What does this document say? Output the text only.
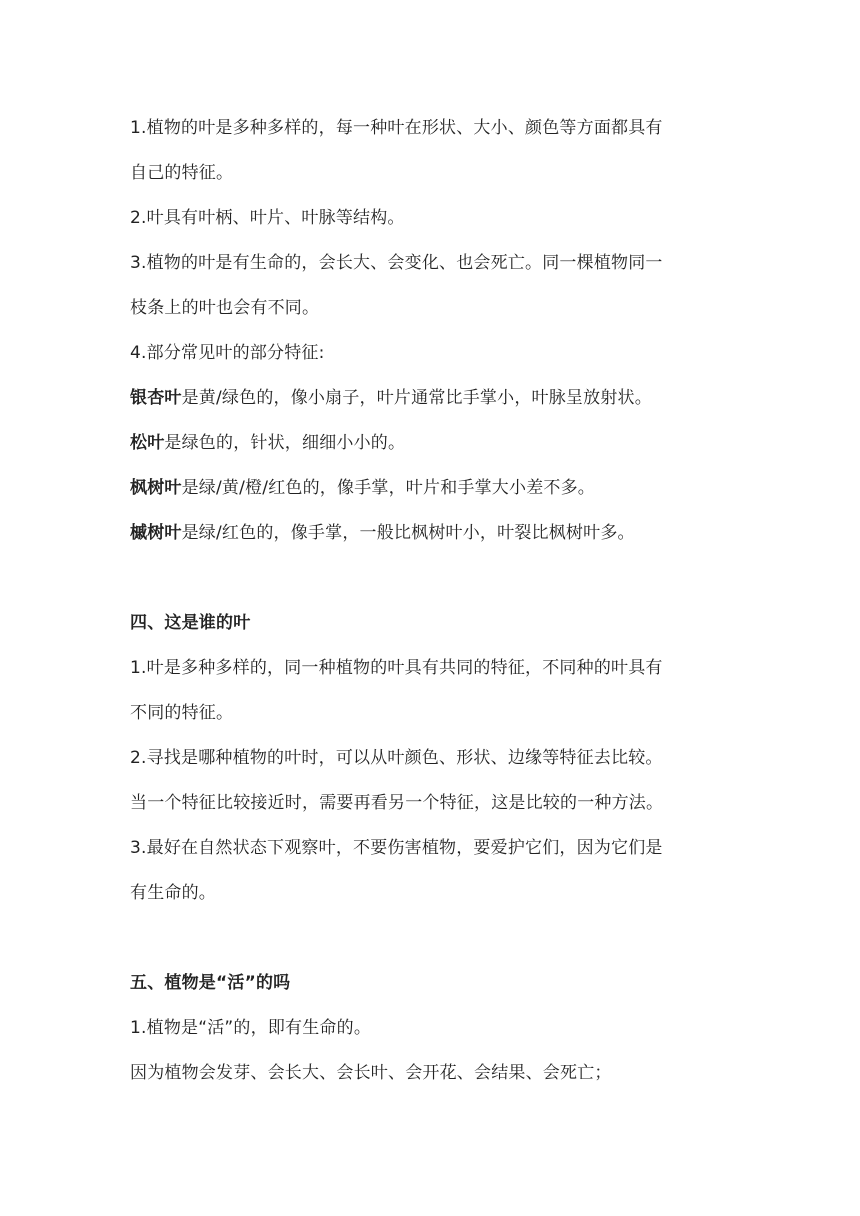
1.植物的叶是多种多样的，每一种叶在形状、大小、颜色等方面都具有
自己的特征。
2.叶具有叶柄、叶片、叶脉等结构。
3.植物的叶是有生命的，会长大、会变化、也会死亡。同一棵植物同一
枝条上的叶也会有不同。
4.部分常见叶的部分特征:
银杏叶是黄/绿色的，像小扇子，叶片通常比手掌小，叶脉呈放射状。
松叶是绿色的，针状，细细小小的。
枫树叶是绿/黄/橙/红色的，像手掌，叶片和手掌大小差不多。
槭树叶是绿/红色的，像手掌，一般比枫树叶小，叶裂比枫树叶多。
四、这是谁的叶
1.叶是多种多样的，同一种植物的叶具有共同的特征，不同种的叶具有
不同的特征。
2.寻找是哪种植物的叶时，可以从叶颜色、形状、边缘等特征去比较。
当一个特征比较接近时，需要再看另一个特征，这是比较的一种方法。
3.最好在自然状态下观察叶，不要伤害植物，要爱护它们，因为它们是
有生命的。
五、植物是“活”的吗
1.植物是“活”的，即有生命的。
因为植物会发芽、会长大、会长叶、会开花、会结果、会死亡；
